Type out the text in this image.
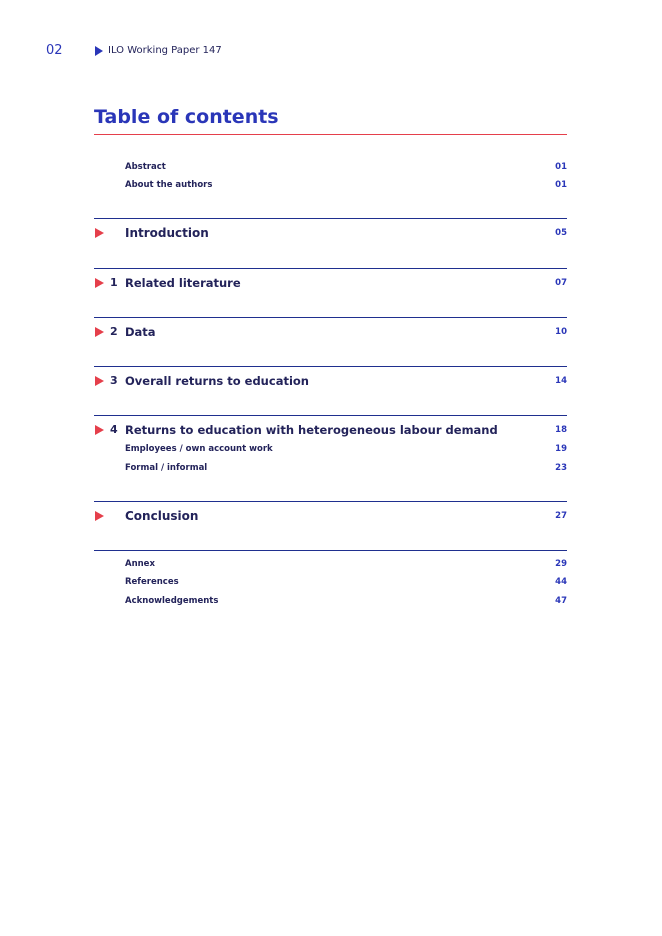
02	ILO Working Paper 147
Table of contents
Abstract	01
About the authors	01
Introduction	05
1 Related literature	07
2 Data	10
3 Overall returns to education	14
4 Returns to education with heterogeneous labour demand	18
Employees / own account work	19
Formal / informal	23
Conclusion	27
Annex	29
References	44
Acknowledgements	47
